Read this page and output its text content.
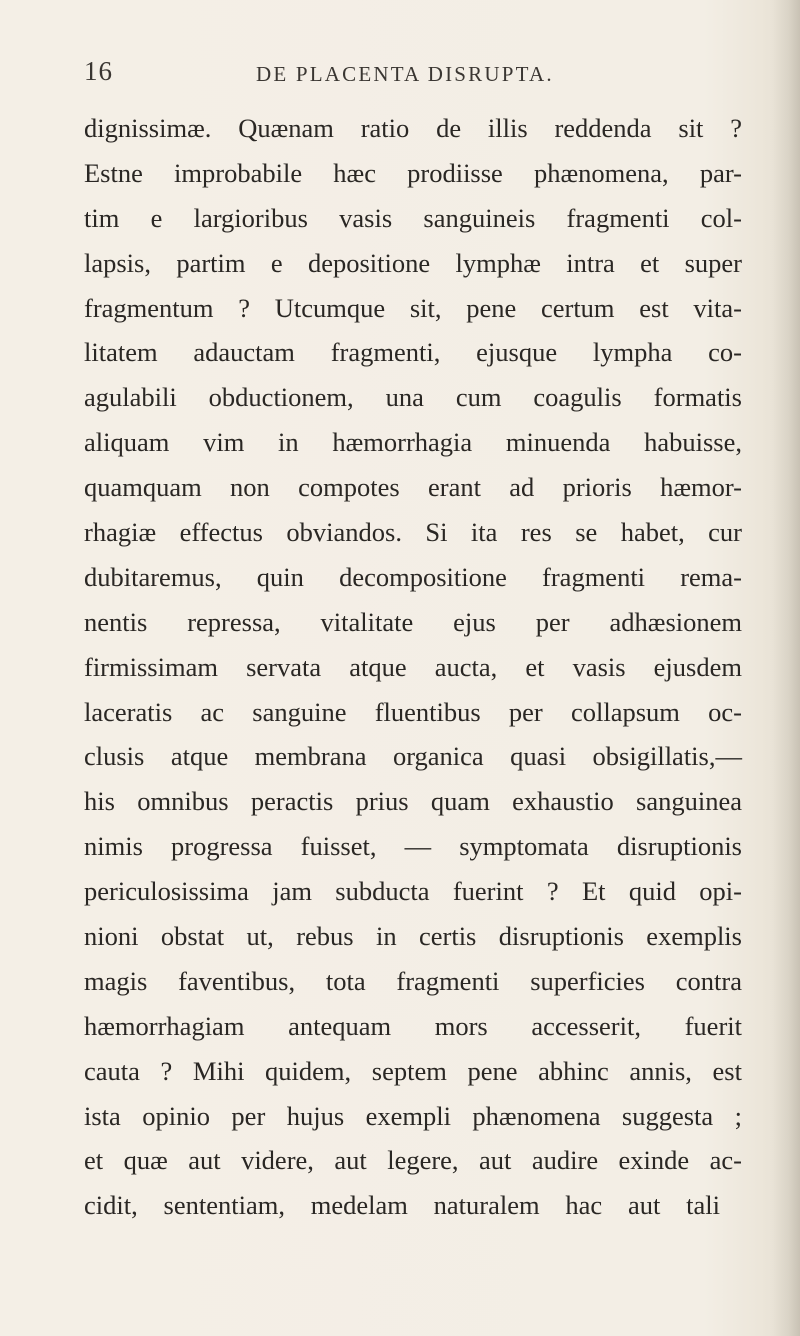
16	DE PLACENTA DISRUPTA.
dignissimæ. Quænam ratio de illis reddenda sit ?
Estne improbabile hæc prodiisse phænomena, par-
tim e largioribus vasis sanguineis fragmenti col-
lapsis, partim e depositione lymphæ intra et super
fragmentum ? Utcumque sit, pene certum est vita-
litatem adauctam fragmenti, ejusque lympha co-
agulabili obductionem, una cum coagulis formatis
aliquam vim in hæmorrhagia minuenda habuisse,
quamquam non compotes erant ad prioris hæmor-
rhagiæ effectus obviandos. Si ita res se habet, cur
dubitaremus, quin decompositione fragmenti rema-
nentis repressa, vitalitate ejus per adhæsionem
firmissimam servata atque aucta, et vasis ejusdem
laceratis ac sanguine fluentibus per collapsum oc-
clusis atque membrana organica quasi obsigillatis,—
his omnibus peractis prius quam exhaustio sanguinea
nimis progressa fuisset, — symptomata disruptionis
periculosissima jam subducta fuerint ? Et quid opi-
nioni obstat ut, rebus in certis disruptionis exemplis
magis faventibus, tota fragmenti superficies contra
hæmorrhagiam antequam mors accesserit, fuerit
cauta ? Mihi quidem, septem pene abhinc annis, est
ista opinio per hujus exempli phænomena suggesta ;
et quæ aut videre, aut legere, aut audire exinde ac-
cidit, sententiam, medelam naturalem hac aut tali
